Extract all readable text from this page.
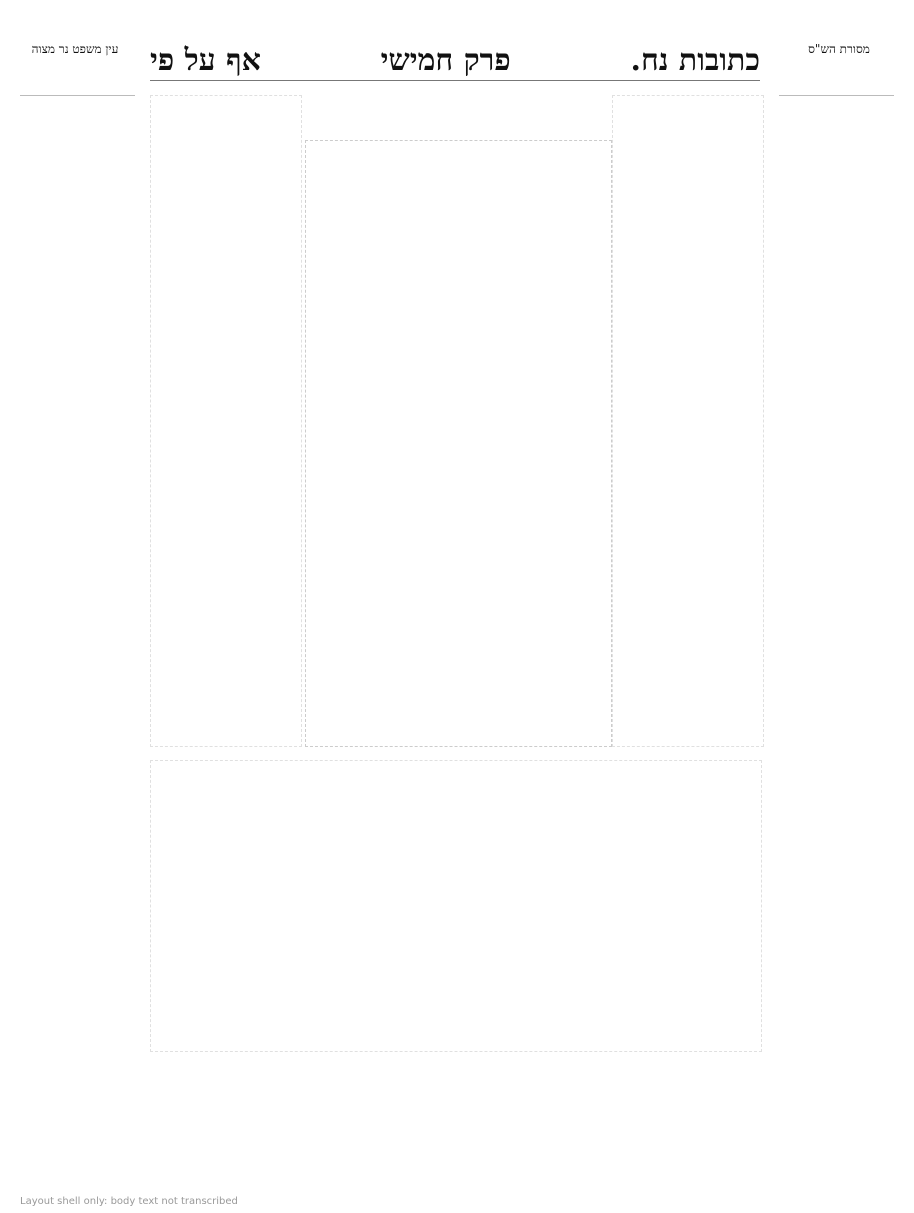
כתובות נח.
פרק חמישי
אף על פי	מסורת הש"ס
עין משפט נר מצוה
Layout shell only: body text not transcribed
